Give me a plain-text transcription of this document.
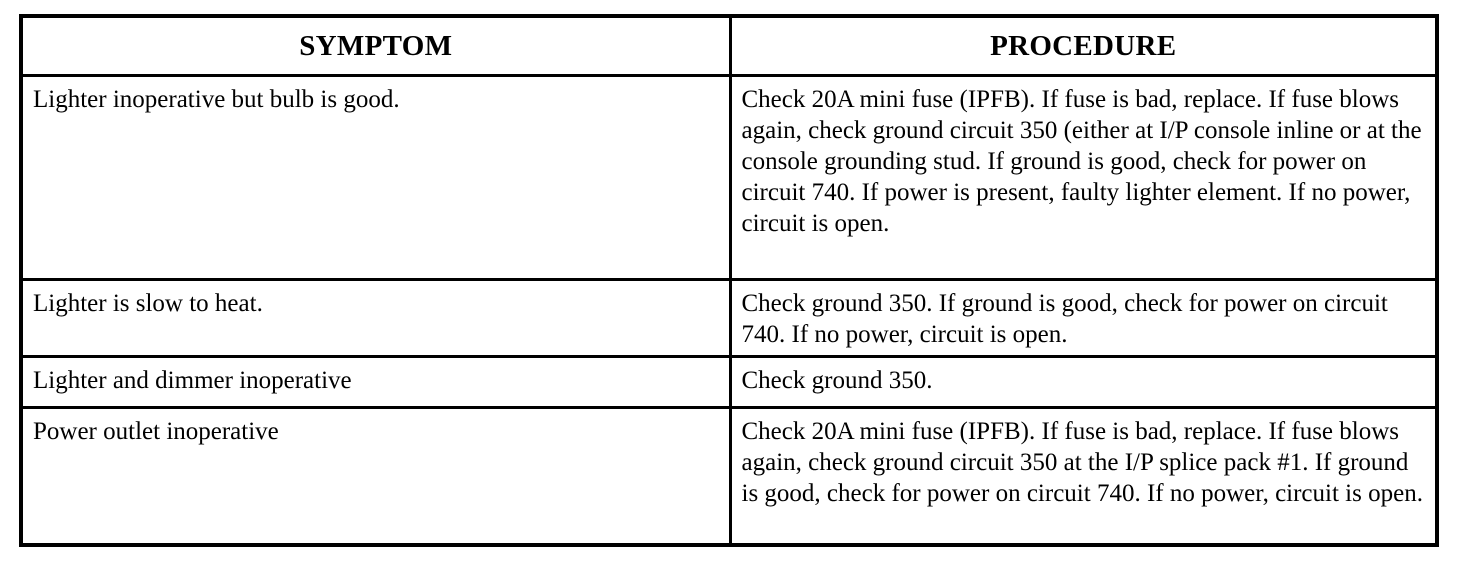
SYMPTOM	PROCEDURE

Lighter inoperative but bulb is good.	Check 20A mini fuse (IPFB). If fuse is bad, replace. If fuse blows again, check ground circuit 350 (either at I/P console inline or at the console grounding stud. If ground is good, check for power on circuit 740. If power is present, faulty lighter element. If no power, circuit is open.

Lighter is slow to heat.	Check ground 350. If ground is good, check for power on circuit 740. If no power, circuit is open.

Lighter and dimmer inoperative	Check ground 350.

Power outlet inoperative	Check 20A mini fuse (IPFB). If fuse is bad, replace. If fuse blows again, check ground circuit 350 at the I/P splice pack #1. If ground is good, check for power on circuit 740. If no power, circuit is open.
